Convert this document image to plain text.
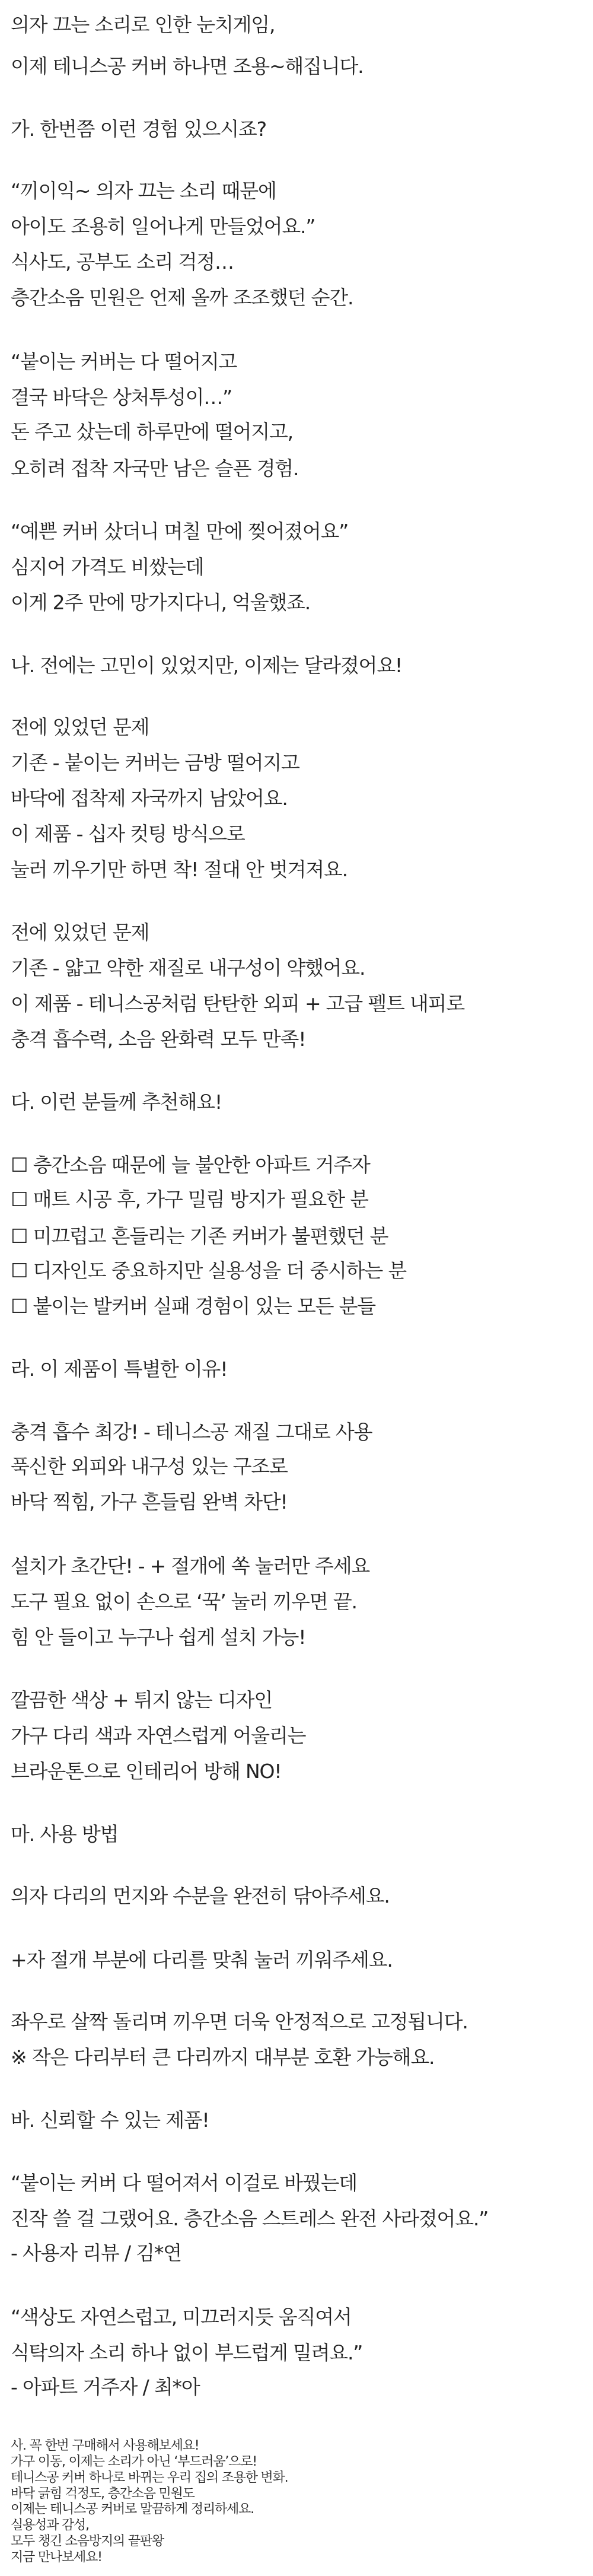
의자 끄는 소리로 인한 눈치게임,

이제 테니스공 커버 하나면 조용~해집니다.

가. 한번쯤 이런 경험 있으시죠?

“끼이익~ 의자 끄는 소리 때문에

아이도 조용히 일어나게 만들었어요.”

식사도, 공부도 소리 걱정…

층간소음 민원은 언제 올까 조조했던 순간.

“붙이는 커버는 다 떨어지고

결국 바닥은 상처투성이…”

돈 주고 샀는데 하루만에 떨어지고,

오히려 접착 자국만 남은 슬픈 경험.

“예쁜 커버 샀더니 며칠 만에 찢어졌어요”

심지어 가격도 비쌌는데

이게 2주 만에 망가지다니, 억울했죠.

나. 전에는 고민이 있었지만, 이제는 달라졌어요!

전에 있었던 문제

기존 - 붙이는 커버는 금방 떨어지고

바닥에 접착제 자국까지 남았어요.

이 제품 - 십자 컷팅 방식으로

눌러 끼우기만 하면 착! 절대 안 벗겨져요.

전에 있었던 문제

기존 - 얇고 약한 재질로 내구성이 약했어요.

이 제품 - 테니스공처럼 탄탄한 외피 + 고급 펠트 내피로

충격 흡수력, 소음 완화력 모두 만족!

다. 이런 분들께 추천해요!

☐ 층간소음 때문에 늘 불안한 아파트 거주자

☐ 매트 시공 후, 가구 밀림 방지가 필요한 분

☐ 미끄럽고 흔들리는 기존 커버가 불편했던 분

☐ 디자인도 중요하지만 실용성을 더 중시하는 분

☐ 붙이는 발커버 실패 경험이 있는 모든 분들

라. 이 제품이 특별한 이유!

충격 흡수 최강! - 테니스공 재질 그대로 사용

푹신한 외피와 내구성 있는 구조로

바닥 찍힘, 가구 흔들림 완벽 차단!

설치가 초간단! - + 절개에 쏙 눌러만 주세요

도구 필요 없이 손으로 ‘꾹’ 눌러 끼우면 끝.

힘 안 들이고 누구나 쉽게 설치 가능!

깔끔한 색상 + 튀지 않는 디자인

가구 다리 색과 자연스럽게 어울리는

브라운톤으로 인테리어 방해 NO!

마. 사용 방법

의자 다리의 먼지와 수분을 완전히 닦아주세요.

+자 절개 부분에 다리를 맞춰 눌러 끼워주세요.

좌우로 살짝 돌리며 끼우면 더욱 안정적으로 고정됩니다.

※ 작은 다리부터 큰 다리까지 대부분 호환 가능해요.

바. 신뢰할 수 있는 제품!

“붙이는 커버 다 떨어져서 이걸로 바꿨는데

진작 쓸 걸 그랬어요. 층간소음 스트레스 완전 사라졌어요.”

- 사용자 리뷰 / 김*연

“색상도 자연스럽고, 미끄러지듯 움직여서

식탁의자 소리 하나 없이 부드럽게 밀려요.”

- 아파트 거주자 / 최*아

사. 꼭 한번 구매해서 사용해보세요!

가구 이동, 이제는 소리가 아닌 ‘부드러움’으로!

테니스공 커버 하나로 바뀌는 우리 집의 조용한 변화.

바닥 긁힘 걱정도, 층간소음 민원도

이제는 테니스공 커버로 말끔하게 정리하세요.

실용성과 감성,

모두 챙긴 소음방지의 끝판왕

지금 만나보세요!
